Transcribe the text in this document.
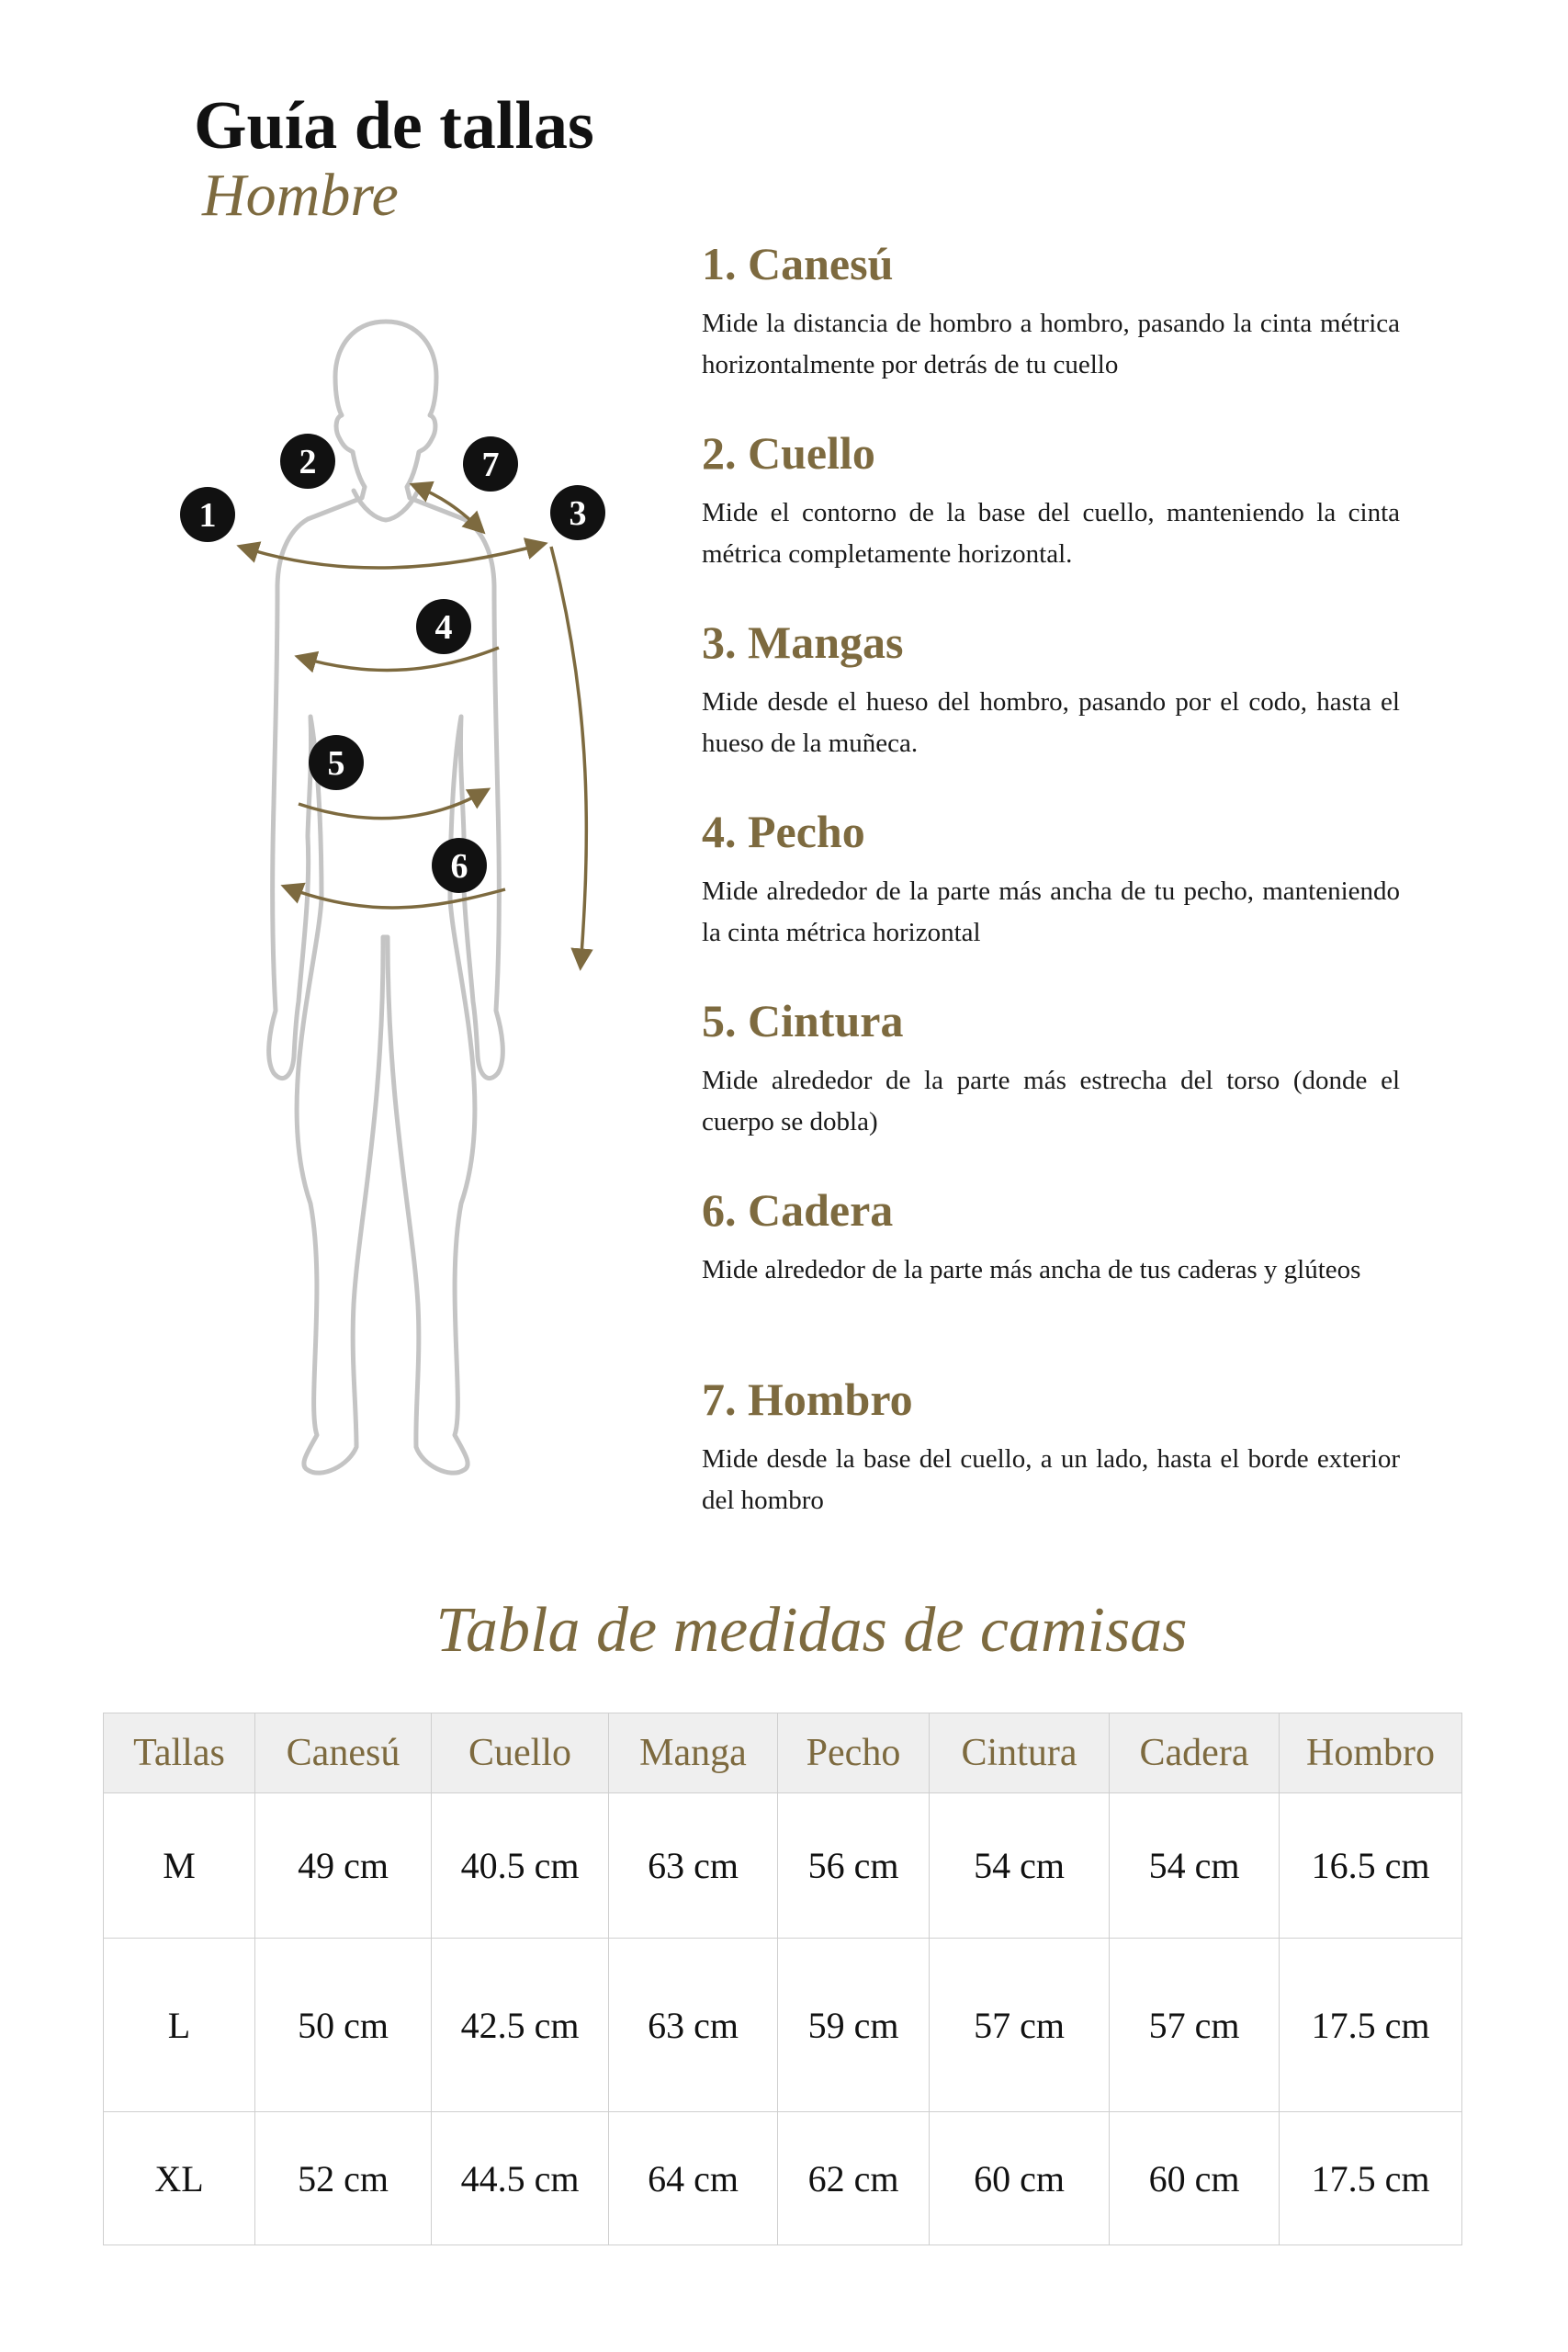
Guía de tallas
Hombre
1
2
3
4
5
6
7
1. Canesú

Mide la distancia de hombro a hombro, pasando la cinta métrica horizontalmente por detrás de tu cuello

2. Cuello

Mide el contorno de la base del cuello, manteniendo la cinta métrica completamente horizontal.

3. Mangas

Mide desde el hueso del hombro, pasando por el codo, hasta el hueso de la muñeca.

4. Pecho

Mide alrededor de la parte más ancha de tu pecho, manteniendo la cinta métrica horizontal

5. Cintura

Mide alrededor de la parte más estrecha del torso (donde el cuerpo se dobla)

6. Cadera

Mide alrededor de la parte más ancha de tus caderas y glúteos

7. Hombro

Mide desde la base del cuello, a un lado, hasta el borde exterior del hombro

Tabla de medidas de camisas
Tallas	Canesú	Cuello	Manga	Pecho	Cintura	Cadera	Hombro
M	49 cm	40.5 cm	63 cm	56 cm	54 cm	54 cm	16.5 cm
L	50 cm	42.5 cm	63 cm	59 cm	57 cm	57 cm	17.5 cm
XL	52 cm	44.5 cm	64 cm	62 cm	60 cm	60 cm	17.5 cm
